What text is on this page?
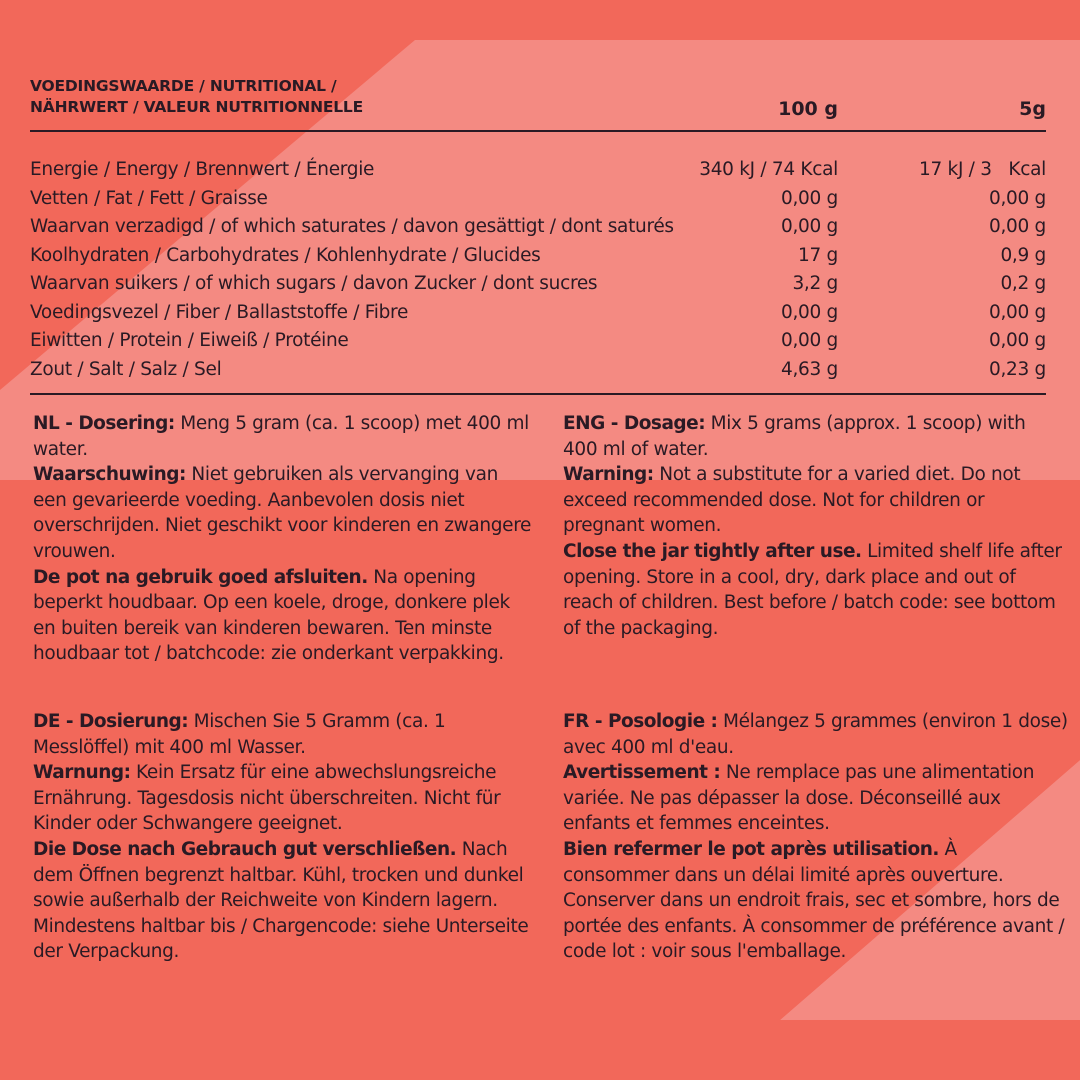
VOEDINGSWAARDE / NUTRITIONAL /
NÄHRWERT / VALEUR NUTRITIONNELLE	100 g	5g
Energie / Energy / Brennwert / Énergie	340 kJ / 74 Kcal	17 kJ / 3   Kcal
Vetten / Fat / Fett / Graisse	0,00 g	0,00 g
Waarvan verzadigd / of which saturates / davon gesättigt / dont saturés	0,00 g	0,00 g
Koolhydraten / Carbohydrates / Kohlenhydrate / Glucides	17 g	0,9 g
Waarvan suikers / of which sugars / davon Zucker / dont sucres	3,2 g	0,2 g
Voedingsvezel / Fiber / Ballaststoffe / Fibre	0,00 g	0,00 g
Eiwitten / Protein / Eiweiß / Protéine	0,00 g	0,00 g
Zout / Salt / Salz / Sel	4,63 g	0,23 g

NL - Dosering: Meng 5 gram (ca. 1 scoop) met 400 ml water.

Waarschuwing: Niet gebruiken als vervanging van een gevarieerde voeding. Aanbevolen dosis niet overschrijden. Niet geschikt voor kinderen en zwangere vrouwen.

De pot na gebruik goed afsluiten. Na opening beperkt houdbaar. Op een koele, droge, donkere plek en buiten bereik van kinderen bewaren. Ten minste houdbaar tot / batchcode: zie onderkant verpakking.

ENG - Dosage: Mix 5 grams (approx. 1 scoop) with 400 ml of water.

Warning: Not a substitute for a varied diet. Do not exceed recommended dose. Not for children or pregnant women.

Close the jar tightly after use. Limited shelf life after opening. Store in a cool, dry, dark place and out of reach of children. Best before / batch code: see bottom of the packaging.

DE - Dosierung: Mischen Sie 5 Gramm (ca. 1 Messlöffel) mit 400 ml Wasser.

Warnung: Kein Ersatz für eine abwechslungsreiche Ernährung. Tagesdosis nicht überschreiten. Nicht für Kinder oder Schwangere geeignet.

Die Dose nach Gebrauch gut verschließen. Nach dem Öffnen begrenzt haltbar. Kühl, trocken und dunkel sowie außerhalb der Reichweite von Kindern lagern. Mindestens haltbar bis / Chargencode: siehe Unterseite der Verpackung.

FR - Posologie : Mélangez 5 grammes (environ 1 dose) avec 400 ml d'eau.

Avertissement : Ne remplace pas une alimentation variée. Ne pas dépasser la dose. Déconseillé aux enfants et femmes enceintes.

Bien refermer le pot après utilisation. À consommer dans un délai limité après ouverture. Conserver dans un endroit frais, sec et sombre, hors de portée des enfants. À consommer de préférence avant / code lot : voir sous l'emballage.
